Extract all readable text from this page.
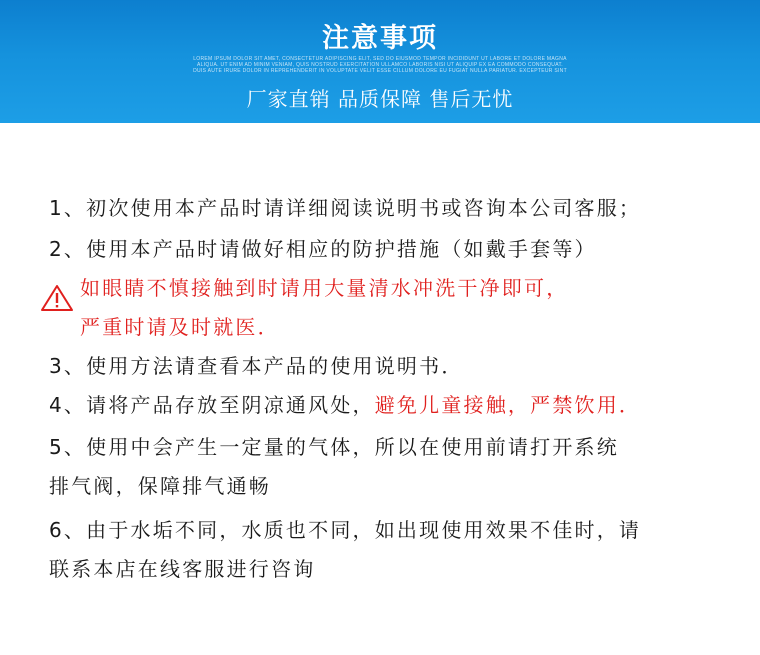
注意事项
LOREM IPSUM DOLOR SIT AMET, CONSECTETUR ADIPISCING ELIT, SED DO EIUSMOD TEMPOR INCIDIDUNT UT LABORE ET DOLORE MAGNA ALIQUA. UT ENIM AD MINIM VENIAM, QUIS NOSTRUD EXERCITATION ULLAMCO LABORIS NISI UT ALIQUIP EX EA COMMODO CONSEQUAT. DUIS AUTE IRURE DOLOR IN REPREHENDERIT IN VOLUPTATE VELIT ESSE CILLUM DOLORE EU FUGIAT NULLA PARIATUR. EXCEPTEUR SINT
厂家直销 品质保障 售后无忧
1、初次使用本产品时请详细阅读说明书或咨询本公司客服；
2、使用本产品时请做好相应的防护措施（如戴手套等）
如眼睛不慎接触到时请用大量清水冲洗干净即可，
严重时请及时就医．
3、使用方法请查看本产品的使用说明书．
4、请将产品存放至阴凉通风处，避免儿童接触，严禁饮用．
5、使用中会产生一定量的气体，所以在使用前请打开系统
排气阀，保障排气通畅
6、由于水垢不同，水质也不同，如出现使用效果不佳时，请
联系本店在线客服进行咨询
